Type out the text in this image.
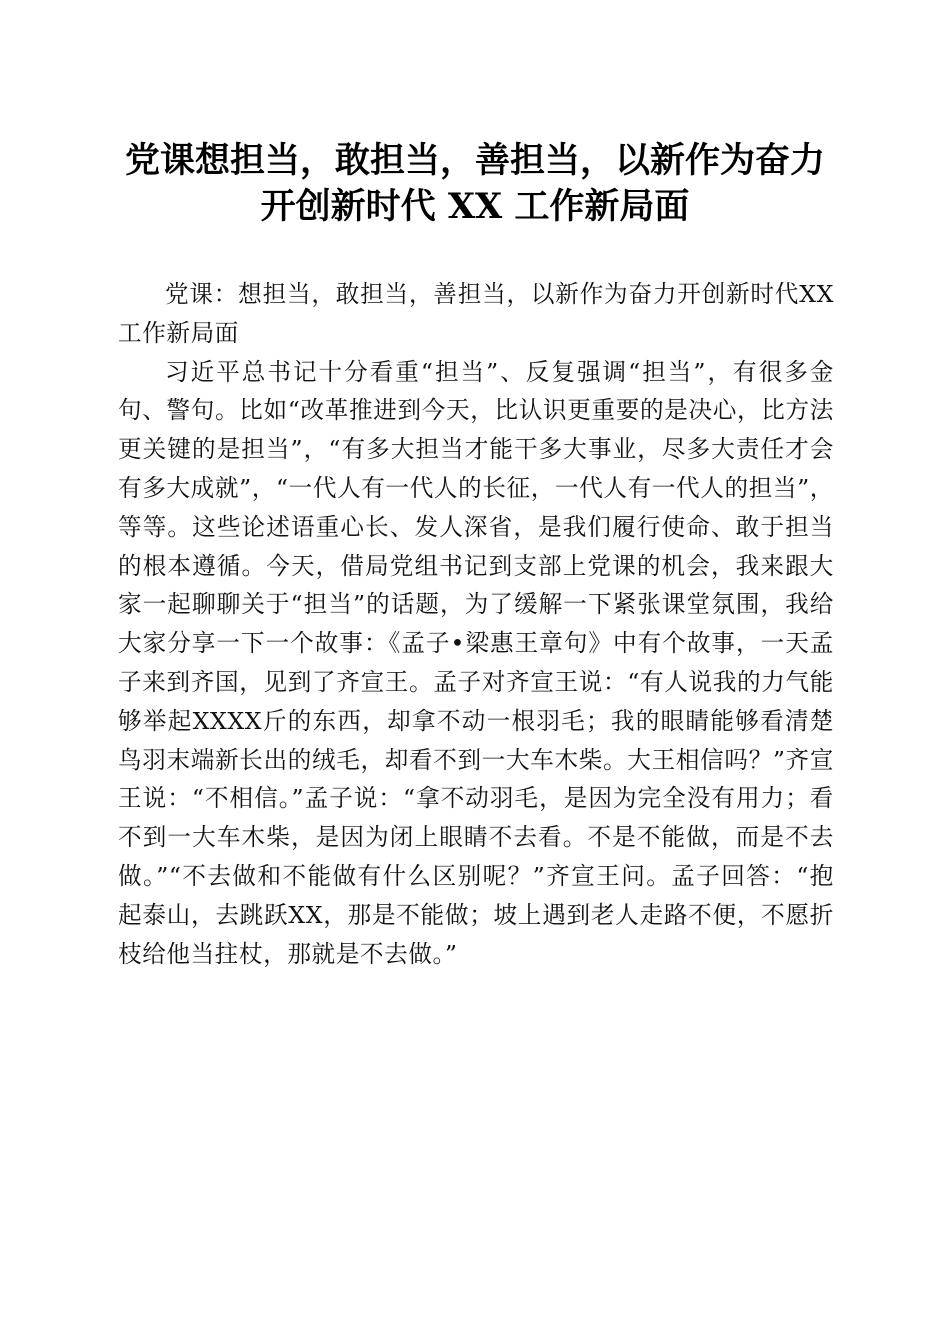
党课想担当，敢担当，善担当，以新作为奋力
开创新时代 XX 工作新局面

党课：想担当，敢担当，善担当，以新作为奋力开创新时代XX工作新局面

习近平总书记十分看重“担当”、反复强调“担当”，有很多金句、警句。比如“改革推进到今天，比认识更重要的是决心，比方法更关键的是担当”，“有多大担当才能干多大事业，尽多大责任才会有多大成就”，“一代人有一代人的长征，一代人有一代人的担当”，等等。这些论述语重心长、发人深省，是我们履行使命、敢于担当的根本遵循。今天，借局党组书记到支部上党课的机会，我来跟大家一起聊聊关于“担当”的话题，为了缓解一下紧张课堂氛围，我给大家分享一下一个故事：《孟子•梁惠王章句》中有个故事，一天孟子来到齐国，见到了齐宣王。孟子对齐宣王说：“有人说我的力气能够举起XXXX斤的东西，却拿不动一根羽毛；我的眼睛能够看清楚鸟羽末端新长出的绒毛，却看不到一大车木柴。大王相信吗？”齐宣王说：“不相信。”孟子说：“拿不动羽毛，是因为完全没有用力；看不到一大车木柴，是因为闭上眼睛不去看。不是不能做，而是不去做。”“不去做和不能做有什么区别呢？”齐宣王问。孟子回答：“抱起泰山，去跳跃XX，那是不能做；坡上遇到老人走路不便，不愿折枝给他当拄杖，那就是不去做。”
